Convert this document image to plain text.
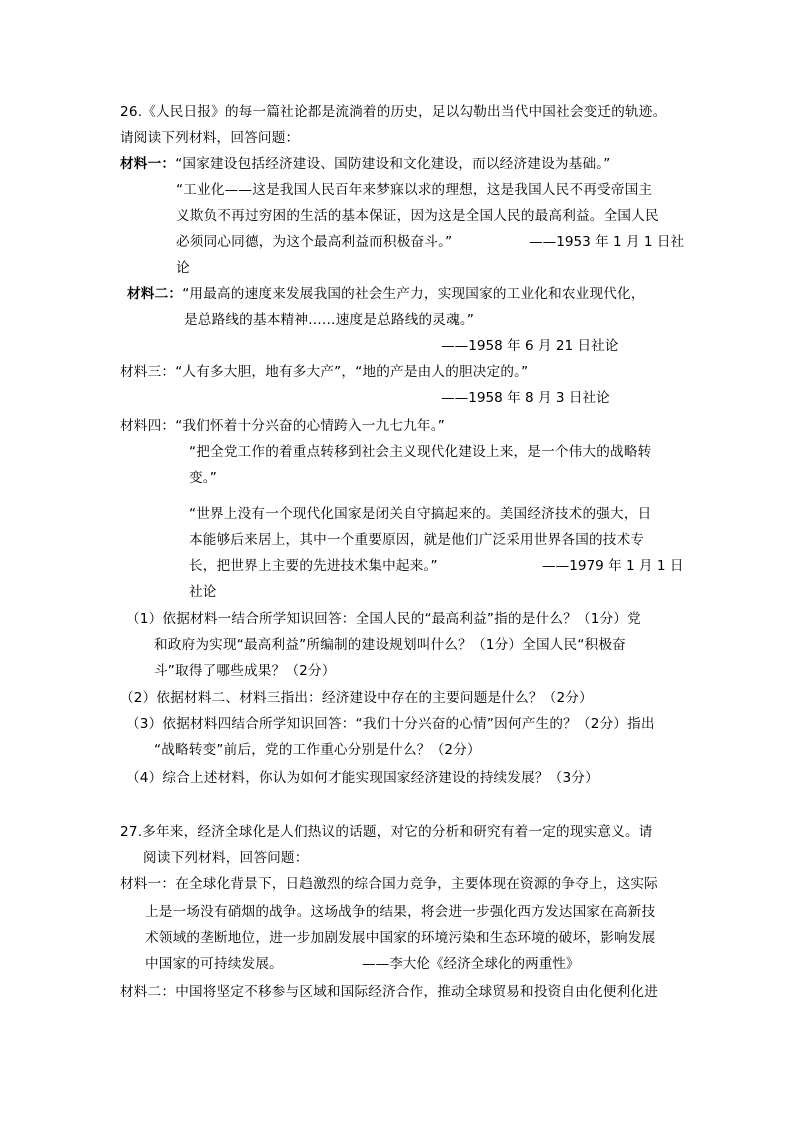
26.《人民日报》的每一篇社论都是流淌着的历史，足以勾勒出当代中国社会变迁的轨迹。
请阅读下列材料，回答问题：
材料一：“国家建设包括经济建设、国防建设和文化建设，而以经济建设为基础。”
“工业化——这是我国人民百年来梦寐以求的理想，这是我国人民不再受帝国主
义欺负不再过穷困的生活的基本保证，因为这是全国人民的最高利益。全国人民
必须同心同德，为这个最高利益而积极奋斗。”	——1953 年 1 月 1 日社
论
材料二：“用最高的速度来发展我国的社会生产力，实现国家的工业化和农业现代化，
是总路线的基本精神……速度是总路线的灵魂。”
——1958 年 6 月 21 日社论
材料三：“人有多大胆，地有多大产”，“地的产是由人的胆决定的。”
——1958 年 8 月 3 日社论
材料四：“我们怀着十分兴奋的心情跨入一九七九年。”
“把全党工作的着重点转移到社会主义现代化建设上来，是一个伟大的战略转
变。”
“世界上没有一个现代化国家是闭关自守搞起来的。美国经济技术的强大，日
本能够后来居上，其中一个重要原因，就是他们广泛采用世界各国的技术专
长，把世界上主要的先进技术集中起来。”	——1979 年 1 月 1 日
社论
（1）依据材料一结合所学知识回答：全国人民的“最高利益”指的是什么？（1分）党
和政府为实现“最高利益”所编制的建设规划叫什么？（1分）全国人民“积极奋
斗”取得了哪些成果？（2分）
（2）依据材料二、材料三指出：经济建设中存在的主要问题是什么？（2分）
（3）依据材料四结合所学知识回答：“我们十分兴奋的心情”因何产生的？（2分）指出
“战略转变”前后，党的工作重心分别是什么？（2分）
（4）综合上述材料，你认为如何才能实现国家经济建设的持续发展？（3分）
27.多年来，经济全球化是人们热议的话题，对它的分析和研究有着一定的现实意义。请
阅读下列材料，回答问题：
材料一：在全球化背景下，日趋激烈的综合国力竞争，主要体现在资源的争夺上，这实际
上是一场没有硝烟的战争。这场战争的结果，将会进一步强化西方发达国家在高新技
术领域的垄断地位，进一步加剧发展中国家的环境污染和生态环境的破坏，影响发展
中国家的可持续发展。	——李大伦《经济全球化的两重性》
材料二：中国将坚定不移参与区域和国际经济合作，推动全球贸易和投资自由化便利化进
